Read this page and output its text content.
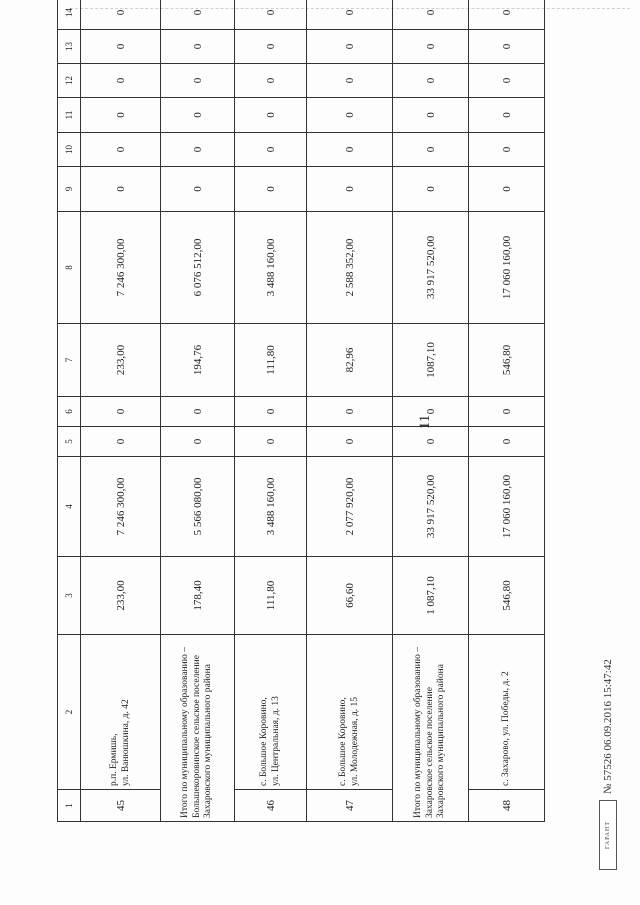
11
1	2	3	4	5	6	7	8	9	10	11	12	13	14		
45	р.п. Ермишь,
ул. Ванюшкина, д. 42	233,00	7 246 300,00	0	0	233,00	7 246 300,00	0	0	0	0	0	0		
Итого по муниципальному образованию – Большекоровинское сельское поселение Захаровского муниципального района		178,40	5 566 080,00	0	0	194,76	6 076 512,00	0	0	0	0	0	0		
46	с. Большое Коровино,
ул. Центральная, д. 13	111,80	3 488 160,00	0	0	111,80	3 488 160,00	0	0	0	0	0	0		
47	с. Большое Коровино,
ул. Молодежная, д. 15	66,60	2 077 920,00	0	0	82,96	2 588 352,00	0	0	0	0	0	0		
Итого по муниципальному образованию – Захаровское сельское поселение Захаровского муниципального района		1 087,10	33 917 520,00	0	0	1087,10	33 917 520,00	0	0	0	0	0	0		
48	с. Захарово, ул. Победы, д. 2	546,80	17 060 160,00	0	0	546,80	17 060 160,00	0	0	0	0	0	0		
ГАРАНТ
№ 57526 06.09.2016 15:47:42
